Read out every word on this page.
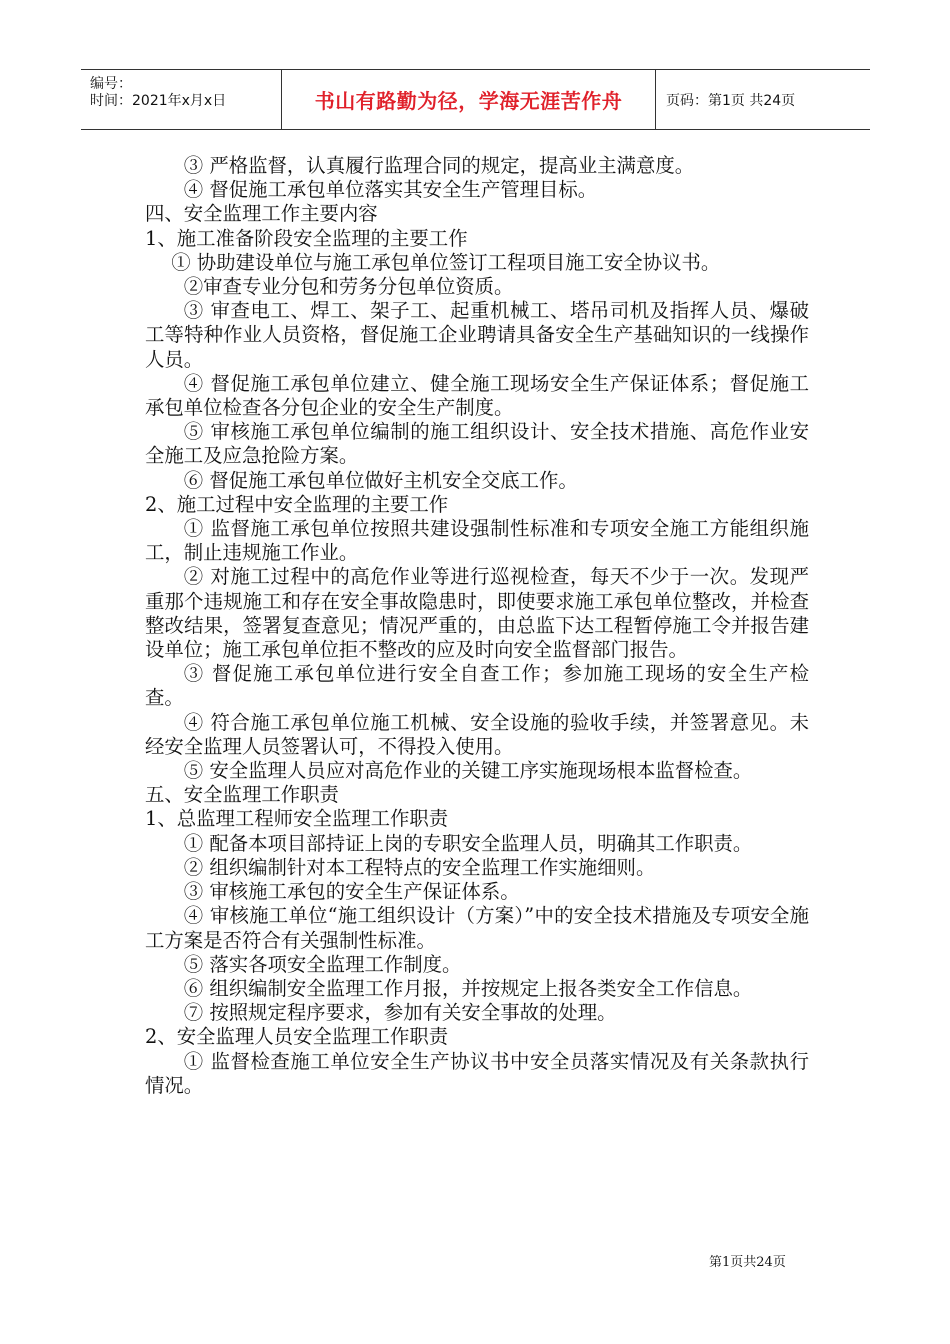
编号：
时间：2021年x月x日	书山有路勤为径，学海无涯苦作舟	页码：第1页 共24页

③ 严格监督，认真履行监理合同的规定，提高业主满意度。

④ 督促施工承包单位落实其安全生产管理目标。

四、安全监理工作主要内容

1、施工准备阶段安全监理的主要工作

① 协助建设单位与施工承包单位签订工程项目施工安全协议书。

②审查专业分包和劳务分包单位资质。

③ 审查电工、焊工、架子工、起重机械工、塔吊司机及指挥人员、爆破工等特种作业人员资格，督促施工企业聘请具备安全生产基础知识的一线操作人员。

④ 督促施工承包单位建立、健全施工现场安全生产保证体系；督促施工承包单位检查各分包企业的安全生产制度。

⑤ 审核施工承包单位编制的施工组织设计、安全技术措施、高危作业安全施工及应急抢险方案。

⑥ 督促施工承包单位做好主机安全交底工作。

2、施工过程中安全监理的主要工作

① 监督施工承包单位按照共建设强制性标准和专项安全施工方能组织施工，制止违规施工作业。

② 对施工过程中的高危作业等进行巡视检查，每天不少于一次。发现严重那个违规施工和存在安全事故隐患时，即使要求施工承包单位整改，并检查整改结果，签署复查意见；情况严重的，由总监下达工程暂停施工令并报告建设单位；施工承包单位拒不整改的应及时向安全监督部门报告。

③ 督促施工承包单位进行安全自查工作；参加施工现场的安全生产检查。

④ 符合施工承包单位施工机械、安全设施的验收手续，并签署意见。未经安全监理人员签署认可，不得投入使用。

⑤ 安全监理人员应对高危作业的关键工序实施现场根本监督检查。

五、安全监理工作职责

1、总监理工程师安全监理工作职责

① 配备本项目部持证上岗的专职安全监理人员，明确其工作职责。

② 组织编制针对本工程特点的安全监理工作实施细则。

③ 审核施工承包的安全生产保证体系。

④ 审核施工单位“施工组织设计（方案）”中的安全技术措施及专项安全施工方案是否符合有关强制性标准。

⑤ 落实各项安全监理工作制度。

⑥ 组织编制安全监理工作月报，并按规定上报各类安全工作信息。

⑦ 按照规定程序要求，参加有关安全事故的处理。

2、安全监理人员安全监理工作职责

① 监督检查施工单位安全生产协议书中安全员落实情况及有关条款执行情况。

第1页共24页
